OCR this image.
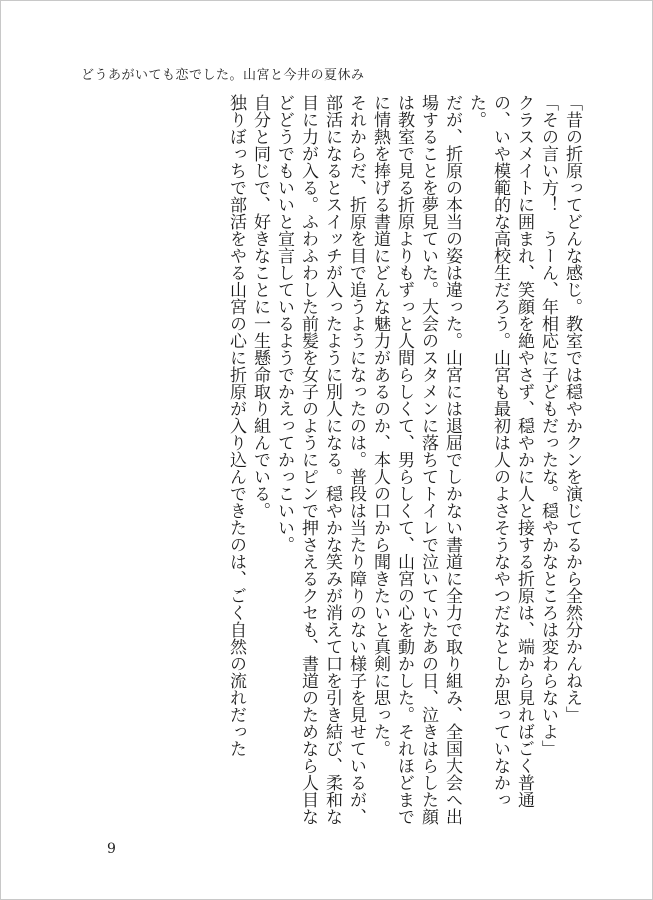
どうあがいても恋でした。山宮と今井の夏休み

「昔の折原ってどんな感じ。教室では穏やかクンを演じてるから全然分かんねえ」

「その言い方！　うーん、年相応に子どもだったな。穏やかなところは変わらないよ」

クラスメイトに囲まれ、笑顔を絶やさず、穏やかに人と接する折原は、端から見ればごく普通の、いや模範的な高校生だろう。山宮も最初は人のよさそうなやつだなとしか思っていなかった。

だが、折原の本当の姿は違った。山宮には退屈でしかない書道に全力で取り組み、全国大会へ出場することを夢見ていた。大会のスタメンに落ちてトイレで泣いていたあの日、泣きはらした顔は教室で見る折原よりもずっと人間らしくて、男らしくて、山宮の心を動かした。それほどまでに情熱を捧げる書道にどんな魅力があるのか、本人の口から聞きたいと真剣に思った。

それからだ、折原を目で追うようになったのは。普段は当たり障りのない様子を見せているが、部活になるとスイッチが入ったように別人になる。穏やかな笑みが消えて口を引き結び、柔和な目に力が入る。ふわふわした前髪を女子のようにピンで押さえるクセも、書道のためなら人目などどうでもいいと宣言しているようでかえってかっこいい。

自分と同じで、好きなことに一生懸命取り組んでいる。

独りぼっちで部活をやる山宮の心に折原が入り込んできたのは、ごく自然の流れだった

9
